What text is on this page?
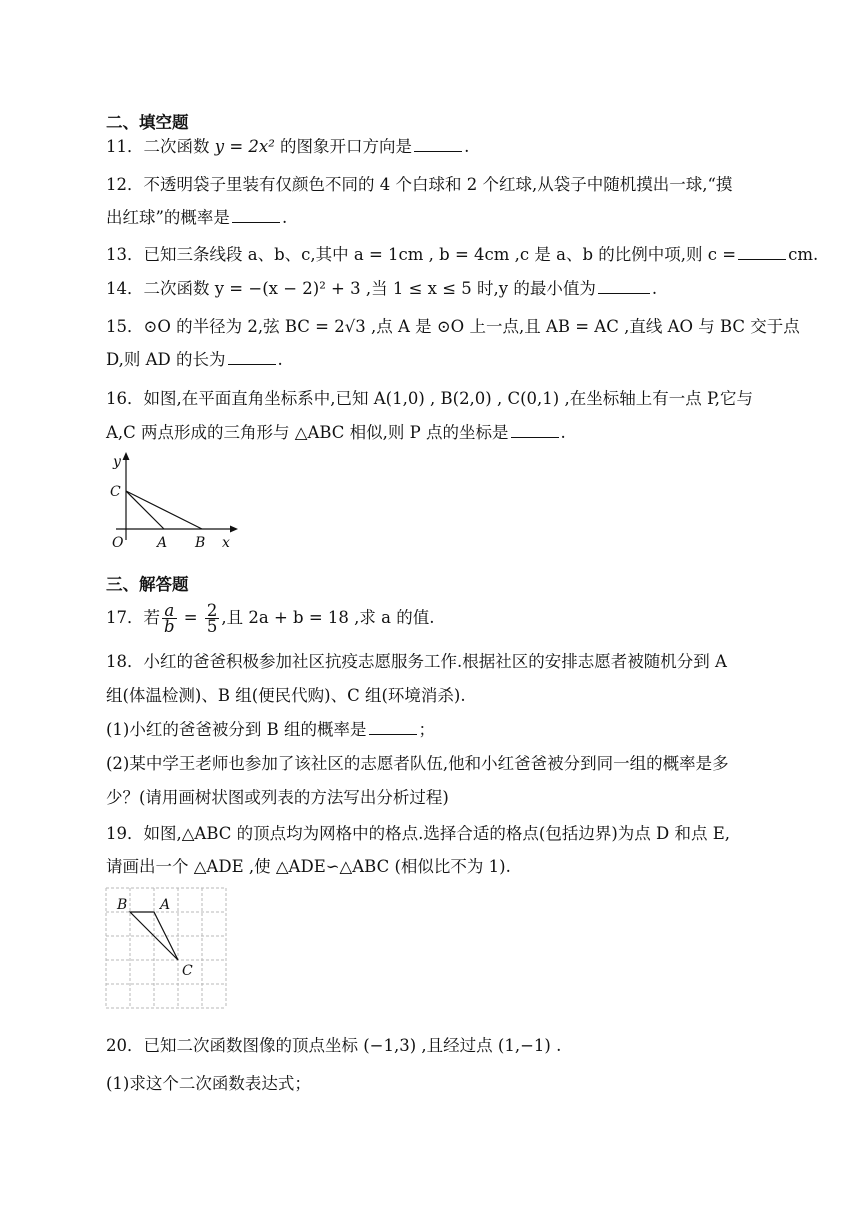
二、填空题
11．二次函数 y = 2x² 的图象开口方向是	.
12．不透明袋子里装有仅颜色不同的 4 个白球和 2 个红球,从袋子中随机摸出一球,“摸
出红球”的概率是	.
13．已知三条线段 a、b、c,其中 a = 1cm , b = 4cm ,c 是 a、b 的比例中项,则 c =	cm.
14．二次函数 y = −(x − 2)² + 3 ,当 1 ≤ x ≤ 5 时,y 的最小值为	.
15．⊙O 的半径为 2,弦 BC = 2√3 ,点 A 是 ⊙O 上一点,且 AB = AC ,直线 AO 与 BC 交于点
D,则 AD 的长为	.
16．如图,在平面直角坐标系中,已知 A(1,0) , B(2,0) , C(0,1) ,在坐标轴上有一点 P,它与
A,C 两点形成的三角形与 △ABC 相似,则 P 点的坐标是	.
y
C
O A B x
三、解答题
17．若 $\frac{a}{b} = \frac{2}{5}$ ,且 2a + b = 18 ,求 a 的值.
18．小红的爸爸积极参加社区抗疫志愿服务工作.根据社区的安排志愿者被随机分到 A
组(体温检测)、B 组(便民代购)、C 组(环境消杀).
(1)小红的爸爸被分到 B 组的概率是	；
(2)某中学王老师也参加了该社区的志愿者队伍,他和小红爸爸被分到同一组的概率是多
少？(请用画树状图或列表的方法写出分析过程)
19．如图,△ABC 的顶点均为网格中的格点.选择合适的格点(包括边界)为点 D 和点 E,
请画出一个 △ADE ,使 △ADE∽△ABC (相似比不为 1).
B A
C
20．已知二次函数图像的顶点坐标 (−1,3) ,且经过点 (1,−1) .
(1)求这个二次函数表达式；
